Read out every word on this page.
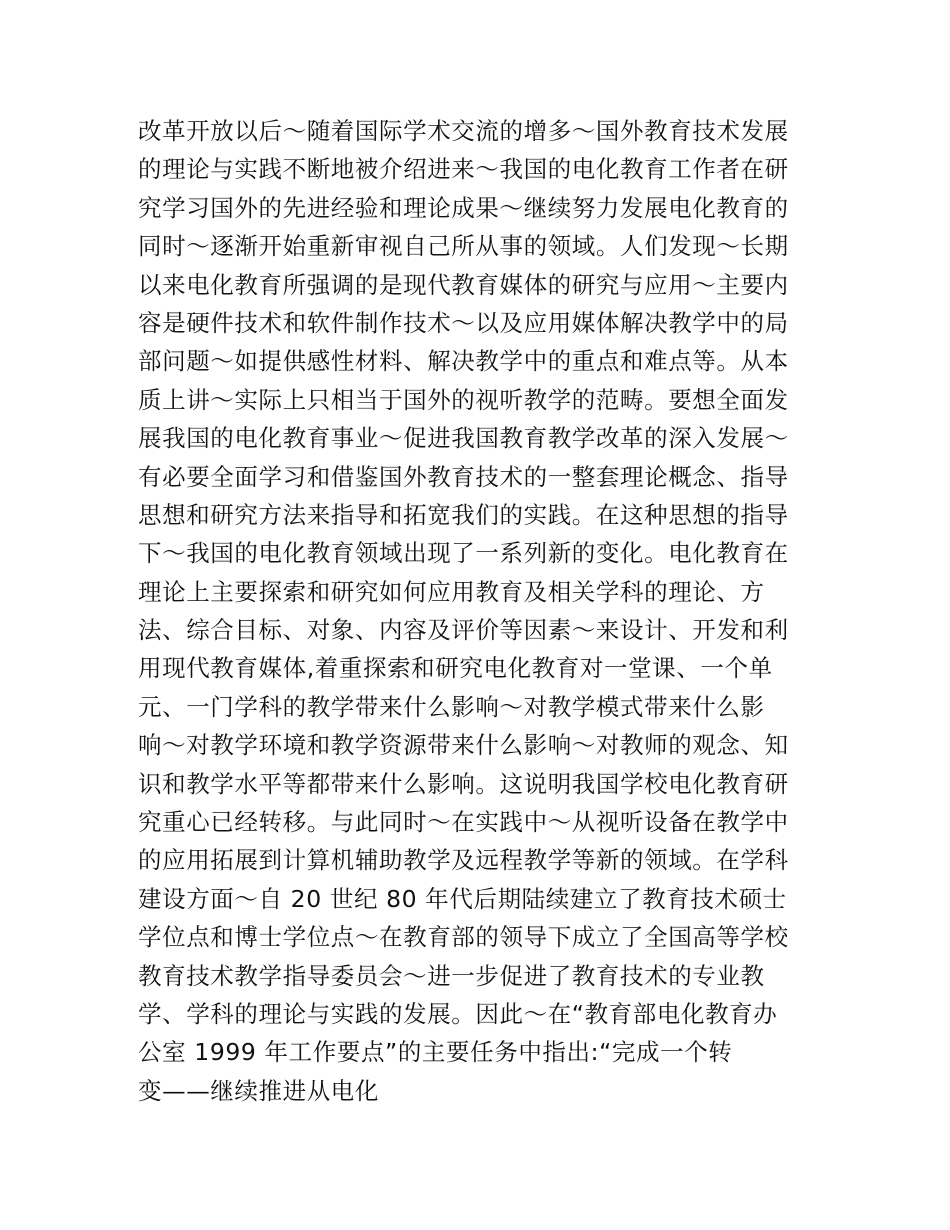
改革开放以后～随着国际学术交流的增多～国外教育技术发展
的理论与实践不断地被介绍进来～我国的电化教育工作者在研
究学习国外的先进经验和理论成果～继续努力发展电化教育的
同时～逐渐开始重新审视自己所从事的领域。人们发现～长期
以来电化教育所强调的是现代教育媒体的研究与应用～主要内
容是硬件技术和软件制作技术～以及应用媒体解决教学中的局
部问题～如提供感性材料、解决教学中的重点和难点等。从本
质上讲～实际上只相当于国外的视听教学的范畴。要想全面发
展我国的电化教育事业～促进我国教育教学改革的深入发展～
有必要全面学习和借鉴国外教育技术的一整套理论概念、指导
思想和研究方法来指导和拓宽我们的实践。在这种思想的指导
下～我国的电化教育领域出现了一系列新的变化。电化教育在
理论上主要探索和研究如何应用教育及相关学科的理论、方
法、综合目标、对象、内容及评价等因素～来设计、开发和利
用现代教育媒体,着重探索和研究电化教育对一堂课、一个单
元、一门学科的教学带来什么影响～对教学模式带来什么影
响～对教学环境和教学资源带来什么影响～对教师的观念、知
识和教学水平等都带来什么影响。这说明我国学校电化教育研
究重心已经转移。与此同时～在实践中～从视听设备在教学中
的应用拓展到计算机辅助教学及远程教学等新的领域。在学科
建设方面～自 20 世纪 80 年代后期陆续建立了教育技术硕士
学位点和博士学位点～在教育部的领导下成立了全国高等学校
教育技术教学指导委员会～进一步促进了教育技术的专业教
学、学科的理论与实践的发展。因此～在“教育部电化教育办
公室 1999 年工作要点”的主要任务中指出:“完成一个转
变——继续推进从电化
